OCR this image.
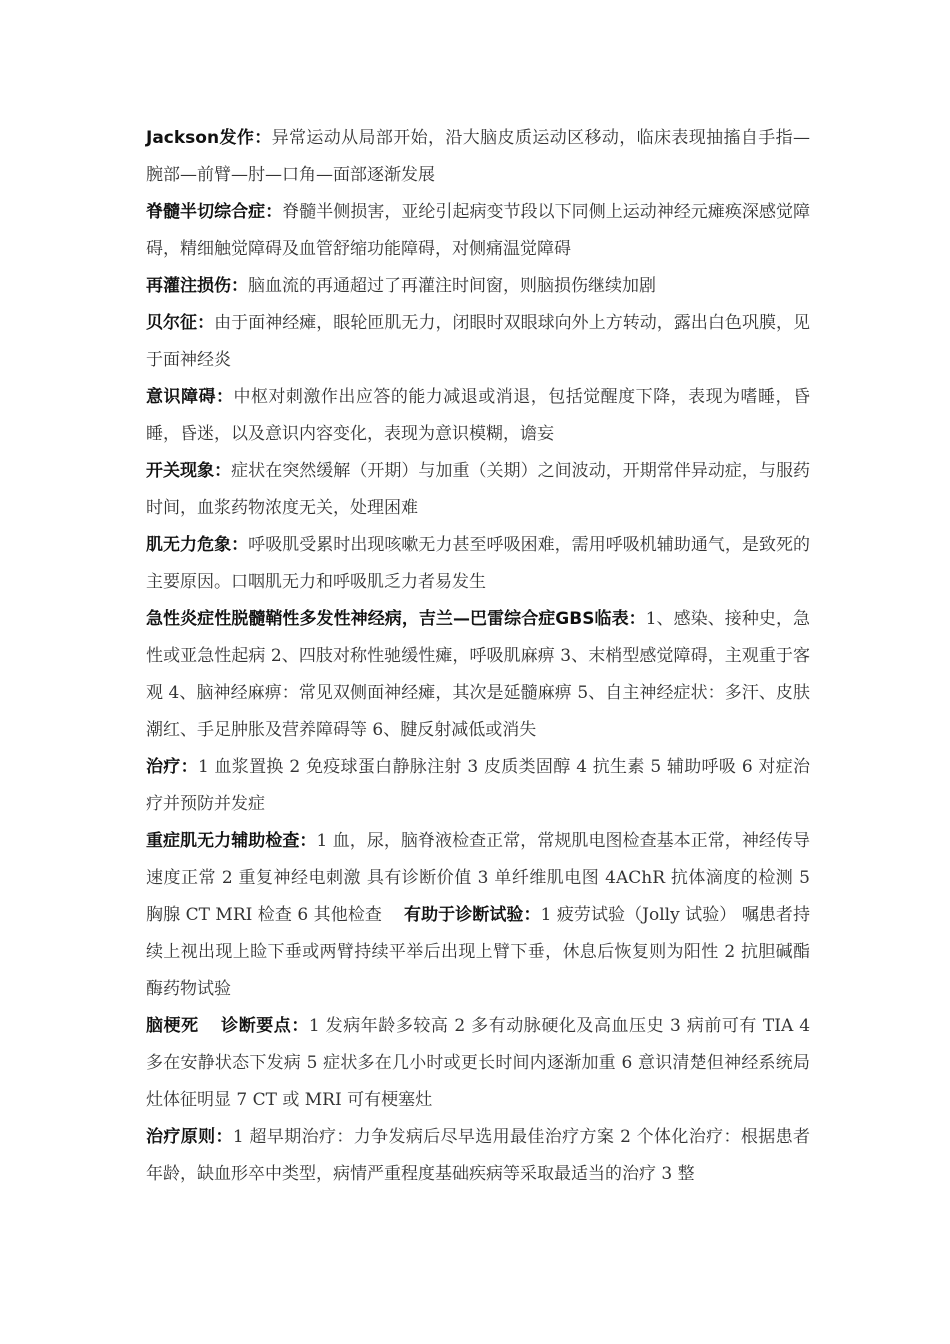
Jackson发作：异常运动从局部开始，沿大脑皮质运动区移动，临床表现抽搐自手指—腕部—前臂—肘—口角—面部逐渐发展

脊髓半切综合症：脊髓半侧损害，亚纶引起病变节段以下同侧上运动神经元瘫痪深感觉障碍，精细触觉障碍及血管舒缩功能障碍，对侧痛温觉障碍

再灌注损伤：脑血流的再通超过了再灌注时间窗，则脑损伤继续加剧

贝尔征：由于面神经瘫，眼轮匝肌无力，闭眼时双眼球向外上方转动，露出白色巩膜，见于面神经炎

意识障碍：中枢对刺激作出应答的能力减退或消退，包括觉醒度下降，表现为嗜睡，昏睡，昏迷，以及意识内容变化，表现为意识模糊，谵妄

开关现象：症状在突然缓解（开期）与加重（关期）之间波动，开期常伴异动症，与服药时间，血浆药物浓度无关，处理困难

肌无力危象：呼吸肌受累时出现咳嗽无力甚至呼吸困难，需用呼吸机辅助通气，是致死的主要原因。口咽肌无力和呼吸肌乏力者易发生

急性炎症性脱髓鞘性多发性神经病，吉兰—巴雷综合症GBS临表：1、感染、接种史，急性或亚急性起病 2、四肢对称性驰缓性瘫，呼吸肌麻痹 3、末梢型感觉障碍，主观重于客观 4、脑神经麻痹：常见双侧面神经瘫，其次是延髓麻痹 5、自主神经症状：多汗、皮肤潮红、手足肿胀及营养障碍等 6、腱反射减低或消失

治疗：1 血浆置换 2 免疫球蛋白静脉注射 3 皮质类固醇 4 抗生素 5 辅助呼吸 6 对症治疗并预防并发症

重症肌无力辅助检查：1 血，尿，脑脊液检查正常，常规肌电图检查基本正常，神经传导速度正常 2 重复神经电刺激 具有诊断价值 3 单纤维肌电图 4AChR 抗体滴度的检测 5 胸腺 CT MRI 检查 6 其他检查 有助于诊断试验：1 疲劳试验（Jolly 试验） 嘱患者持续上视出现上睑下垂或两臂持续平举后出现上臂下垂，休息后恢复则为阳性 2 抗胆碱酯酶药物试验

脑梗死 诊断要点：1 发病年龄多较高 2 多有动脉硬化及高血压史 3 病前可有 TIA 4 多在安静状态下发病 5 症状多在几小时或更长时间内逐渐加重 6 意识清楚但神经系统局灶体征明显 7 CT 或 MRI 可有梗塞灶

治疗原则：1 超早期治疗：力争发病后尽早选用最佳治疗方案 2 个体化治疗：根据患者年龄，缺血形卒中类型，病情严重程度基础疾病等采取最适当的治疗 3 整
